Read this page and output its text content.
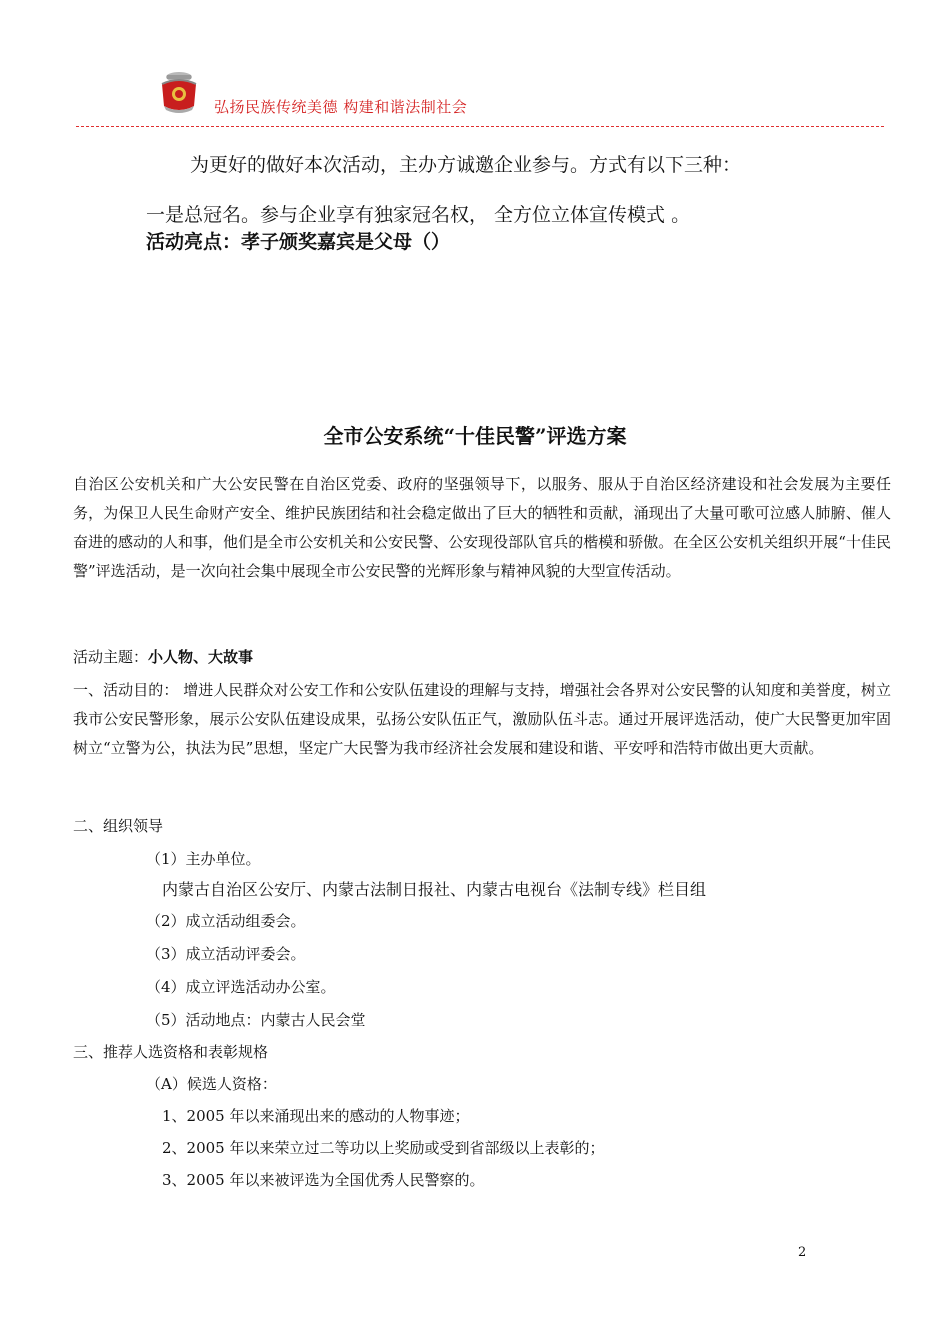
弘扬民族传统美德 构建和谐法制社会
为更好的做好本次活动，主办方诚邀企业参与。方式有以下三种：
一是总冠名。参与企业享有独家冠名权， 全方位立体宣传模式 。
活动亮点：孝子颁奖嘉宾是父母（）
全市公安系统“十佳民警”评选方案
自治区公安机关和广大公安民警在自治区党委、政府的坚强领导下，以服务、服从于自治区经济建设和社会发展为主要任务，为保卫人民生命财产安全、维护民族团结和社会稳定做出了巨大的牺牲和贡献，涌现出了大量可歌可泣感人肺腑、催人奋进的感动的人和事，他们是全市公安机关和公安民警、公安现役部队官兵的楷模和骄傲。在全区公安机关组织开展“十佳民警”评选活动，是一次向社会集中展现全市公安民警的光辉形象与精神风貌的大型宣传活动。
活动主题：小人物、大故事
一、活动目的： 增进人民群众对公安工作和公安队伍建设的理解与支持，增强社会各界对公安民警的认知度和美誉度，树立我市公安民警形象，展示公安队伍建设成果，弘扬公安队伍正气，激励队伍斗志。通过开展评选活动，使广大民警更加牢固树立“立警为公，执法为民”思想，坚定广大民警为我市经济社会发展和建设和谐、平安呼和浩特市做出更大贡献。
二、组织领导
（1）主办单位。
内蒙古自治区公安厅、内蒙古法制日报社、内蒙古电视台《法制专线》栏目组
（2）成立活动组委会。
（3）成立活动评委会。
（4）成立评选活动办公室。
（5）活动地点：内蒙古人民会堂
三、推荐人选资格和表彰规格
（A）候选人资格：
1、2005 年以来涌现出来的感动的人物事迹；
2、2005 年以来荣立过二等功以上奖励或受到省部级以上表彰的；
3、2005 年以来被评选为全国优秀人民警察的。
2
